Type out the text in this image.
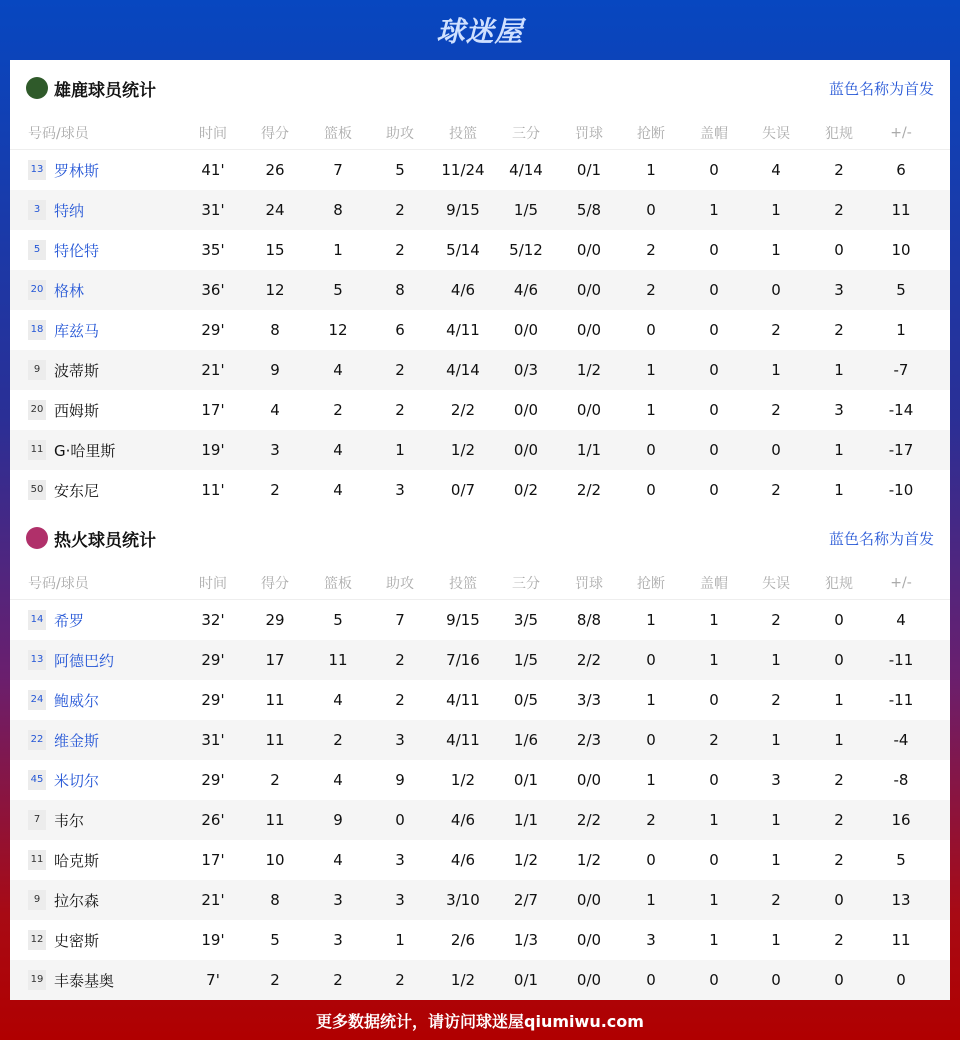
球迷屋
雄鹿球员统计	蓝色名称为首发
号码/球员	时间	得分	篮板	助攻	投篮	三分	罚球	抢断	盖帽	失误	犯规	+/-
13 罗林斯	41'	26	7	5	11/24	4/14	0/1	1	0	4	2	6
3 特纳	31'	24	8	2	9/15	1/5	5/8	0	1	1	2	11
5 特伦特	35'	15	1	2	5/14	5/12	0/0	2	0	1	0	10
20 格林	36'	12	5	8	4/6	4/6	0/0	2	0	0	3	5
18 库兹马	29'	8	12	6	4/11	0/0	0/0	0	0	2	2	1
9 波蒂斯	21'	9	4	2	4/14	0/3	1/2	1	0	1	1	-7
20 西姆斯	17'	4	2	2	2/2	0/0	0/0	1	0	2	3	-14
11 G·哈里斯	19'	3	4	1	1/2	0/0	1/1	0	0	0	1	-17
50 安东尼	11'	2	4	3	0/7	0/2	2/2	0	0	2	1	-10
热火球员统计	蓝色名称为首发
号码/球员	时间	得分	篮板	助攻	投篮	三分	罚球	抢断	盖帽	失误	犯规	+/-
14 希罗	32'	29	5	7	9/15	3/5	8/8	1	1	2	0	4
13 阿德巴约	29'	17	11	2	7/16	1/5	2/2	0	1	1	0	-11
24 鲍威尔	29'	11	4	2	4/11	0/5	3/3	1	0	2	1	-11
22 维金斯	31'	11	2	3	4/11	1/6	2/3	0	2	1	1	-4
45 米切尔	29'	2	4	9	1/2	0/1	0/0	1	0	3	2	-8
7 韦尔	26'	11	9	0	4/6	1/1	2/2	2	1	1	2	16
11 哈克斯	17'	10	4	3	4/6	1/2	1/2	0	0	1	2	5
9 拉尔森	21'	8	3	3	3/10	2/7	0/0	1	1	2	0	13
12 史密斯	19'	5	3	1	2/6	1/3	0/0	3	1	1	2	11
19 丰泰基奥	7'	2	2	2	1/2	0/1	0/0	0	0	0	0	0
更多数据统计，请访问球迷屋qiumiwu.com
